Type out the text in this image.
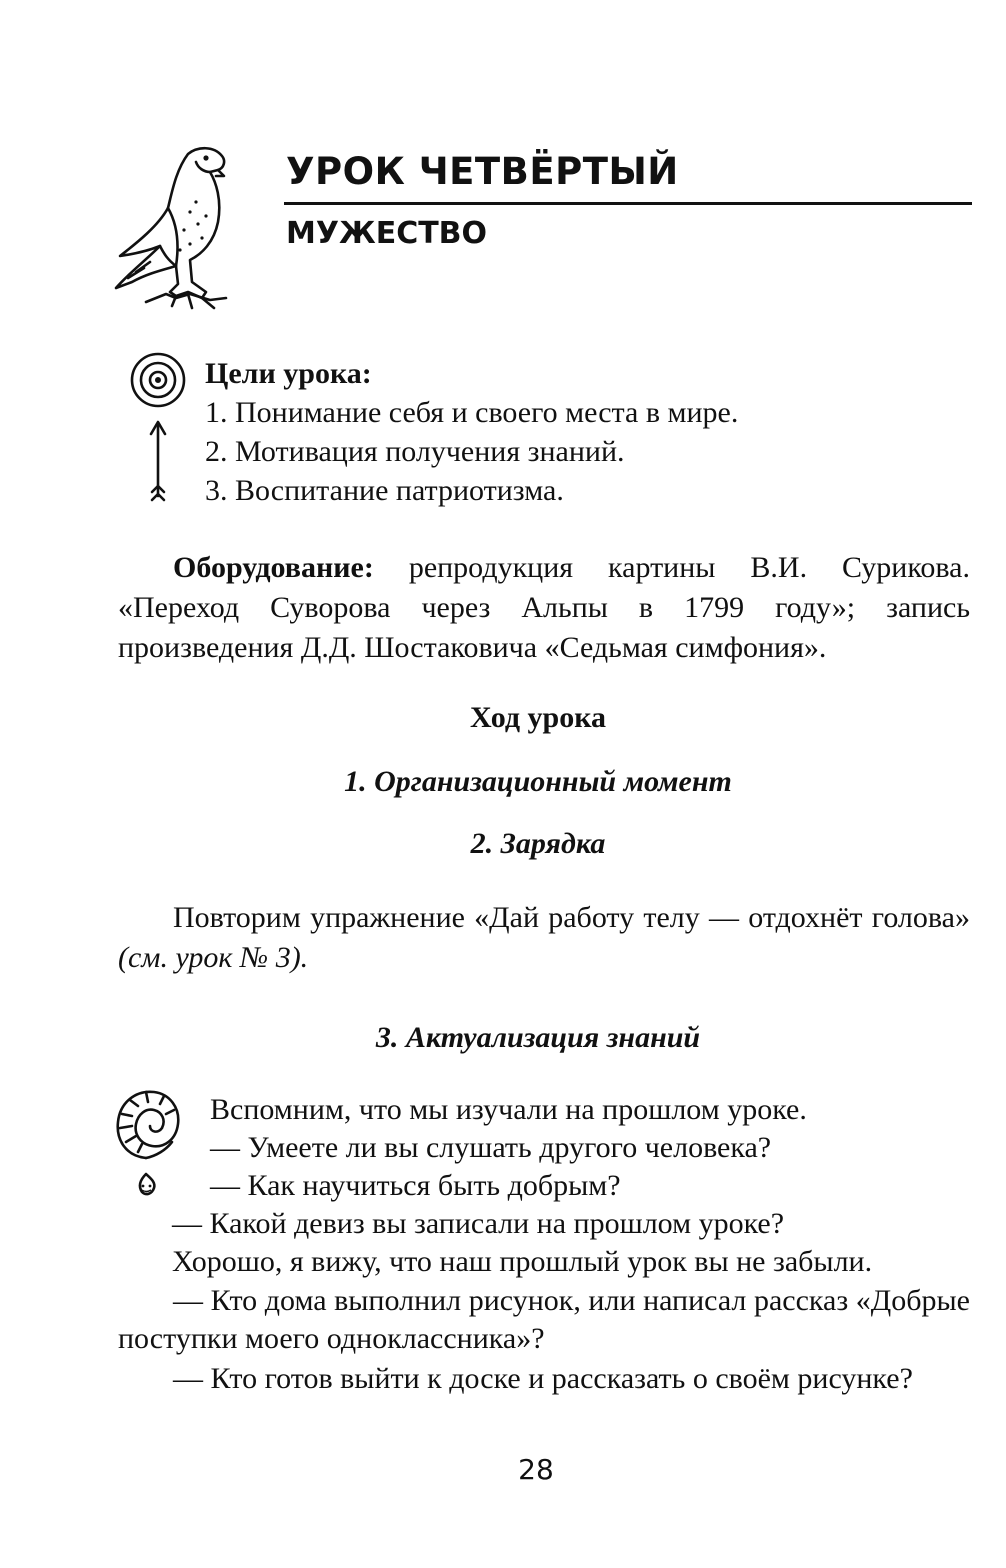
УРОК ЧЕТВЁРТЫЙ
МУЖЕСТВО
Цели урока:
1. Понимание себя и своего места в мире.
2. Мотивация получения знаний.
3. Воспитание патриотизма.

Оборудование: репродукция картины В.И. Сурикова. «Переход Суворова через Альпы в 1799 году»; запись произведения Д.Д. Шостаковича «Седьмая симфония».

Ход урока
1. Организационный момент
2. Зарядка

Повторим упражнение «Дай работу телу — отдохнёт голова» (см. урок № 3).

3. Актуализация знаний

Вспомним, что мы изучали на прошлом уроке.

— Умеете ли вы слушать другого человека?

— Как научиться быть добрым?

— Какой девиз вы записали на прошлом уроке?

Хорошо, я вижу, что наш прошлый урок вы не забыли.

— Кто дома выполнил рисунок, или написал рассказ «Добрые поступки моего одноклассника»?

— Кто готов выйти к доске и рассказать о своём рисунке?

28
